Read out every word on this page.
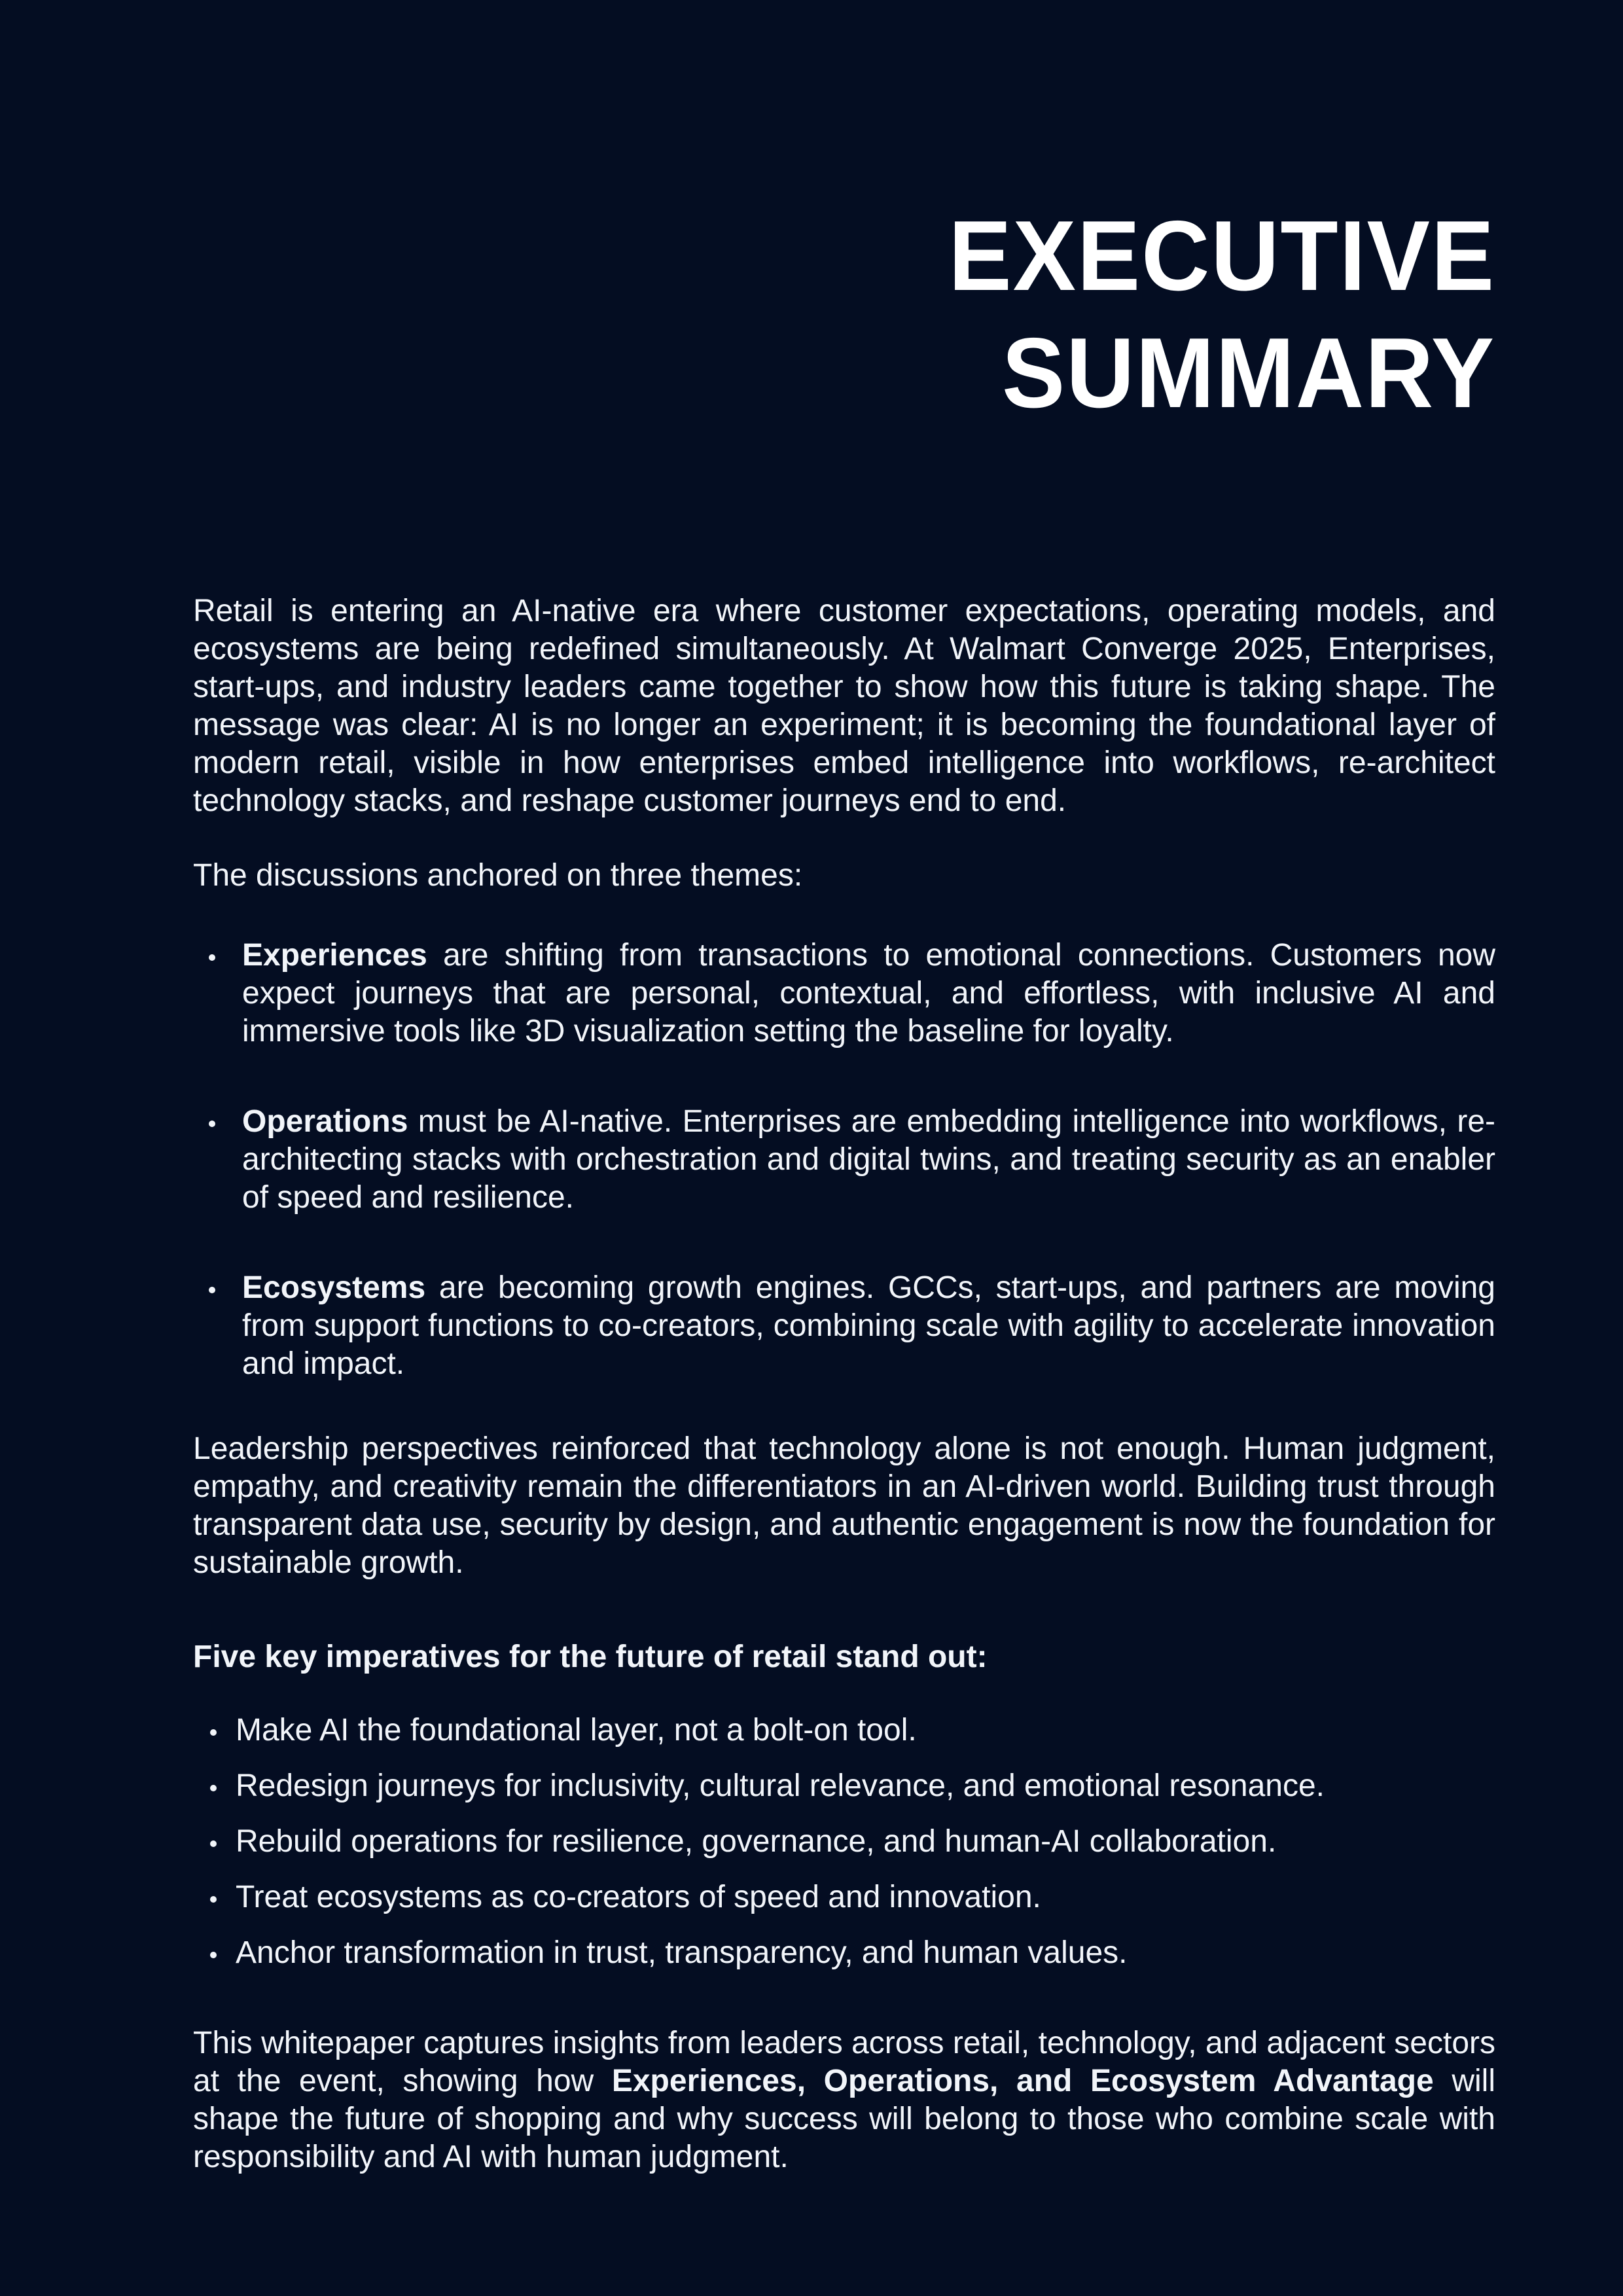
EXECUTIVE
SUMMARY

Retail is entering an AI-native era where customer expectations, operating models, and ecosystems are being redefined simultaneously. At Walmart Converge 2025, Enterprises, start-ups, and industry leaders came together to show how this future is taking shape. The message was clear: AI is no longer an experiment; it is becoming the foundational layer of modern retail, visible in how enterprises embed intelligence into workflows, re-architect technology stacks, and reshape customer journeys end to end.

The discussions anchored on three themes:

Experiences are shifting from transactions to emotional connections. Customers now expect journeys that are personal, contextual, and effortless, with inclusive AI and immersive tools like 3D visualization setting the baseline for loyalty.
Operations must be AI-native. Enterprises are embedding intelligence into workflows, re-architecting stacks with orchestration and digital twins, and treating security as an enabler of speed and resilience.
Ecosystems are becoming growth engines. GCCs, start-ups, and partners are moving from support functions to co-creators, combining scale with agility to accelerate innovation and impact.

Leadership perspectives reinforced that technology alone is not enough. Human judgment, empathy, and creativity remain the differentiators in an AI-driven world. Building trust through transparent data use, security by design, and authentic engagement is now the foundation for sustainable growth.

Five key imperatives for the future of retail stand out:

Make AI the foundational layer, not a bolt-on tool.
Redesign journeys for inclusivity, cultural relevance, and emotional resonance.
Rebuild operations for resilience, governance, and human-AI collaboration.
Treat ecosystems as co-creators of speed and innovation.
Anchor transformation in trust, transparency, and human values.

This whitepaper captures insights from leaders across retail, technology, and adjacent sectors at the event, showing how Experiences, Operations, and Ecosystem Advantage will shape the future of shopping and why success will belong to those who combine scale with responsibility and AI with human judgment.
